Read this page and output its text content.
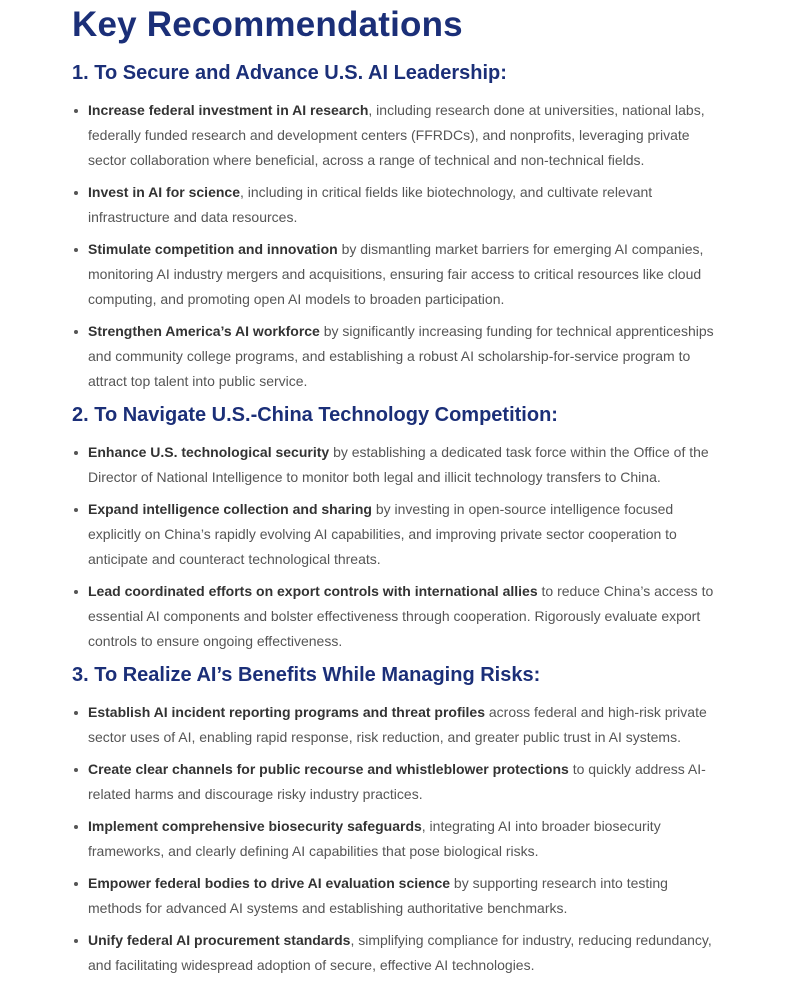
Key Recommendations
1. To Secure and Advance U.S. AI Leadership:
Increase federal investment in AI research, including research done at universities, national labs, federally funded research and development centers (FFRDCs), and nonprofits, leveraging private sector collaboration where beneficial, across a range of technical and non-technical fields.
Invest in AI for science, including in critical fields like biotechnology, and cultivate relevant infrastructure and data resources.
Stimulate competition and innovation by dismantling market barriers for emerging AI companies, monitoring AI industry mergers and acquisitions, ensuring fair access to critical resources like cloud computing, and promoting open AI models to broaden participation.
Strengthen America’s AI workforce by significantly increasing funding for technical apprenticeships and community college programs, and establishing a robust AI scholarship-for-service program to attract top talent into public service.
2. To Navigate U.S.-China Technology Competition:
Enhance U.S. technological security by establishing a dedicated task force within the Office of the Director of National Intelligence to monitor both legal and illicit technology transfers to China.
Expand intelligence collection and sharing by investing in open-source intelligence focused explicitly on China’s rapidly evolving AI capabilities, and improving private sector cooperation to anticipate and counteract technological threats.
Lead coordinated efforts on export controls with international allies to reduce China’s access to essential AI components and bolster effectiveness through cooperation. Rigorously evaluate export controls to ensure ongoing effectiveness.
3. To Realize AI’s Benefits While Managing Risks:
Establish AI incident reporting programs and threat profiles across federal and high-risk private sector uses of AI, enabling rapid response, risk reduction, and greater public trust in AI systems.
Create clear channels for public recourse and whistleblower protections to quickly address AI-related harms and discourage risky industry practices.
Implement comprehensive biosecurity safeguards, integrating AI into broader biosecurity frameworks, and clearly defining AI capabilities that pose biological risks.
Empower federal bodies to drive AI evaluation science by supporting research into testing methods for advanced AI systems and establishing authoritative benchmarks.
Unify federal AI procurement standards, simplifying compliance for industry, reducing redundancy, and facilitating widespread adoption of secure, effective AI technologies.
